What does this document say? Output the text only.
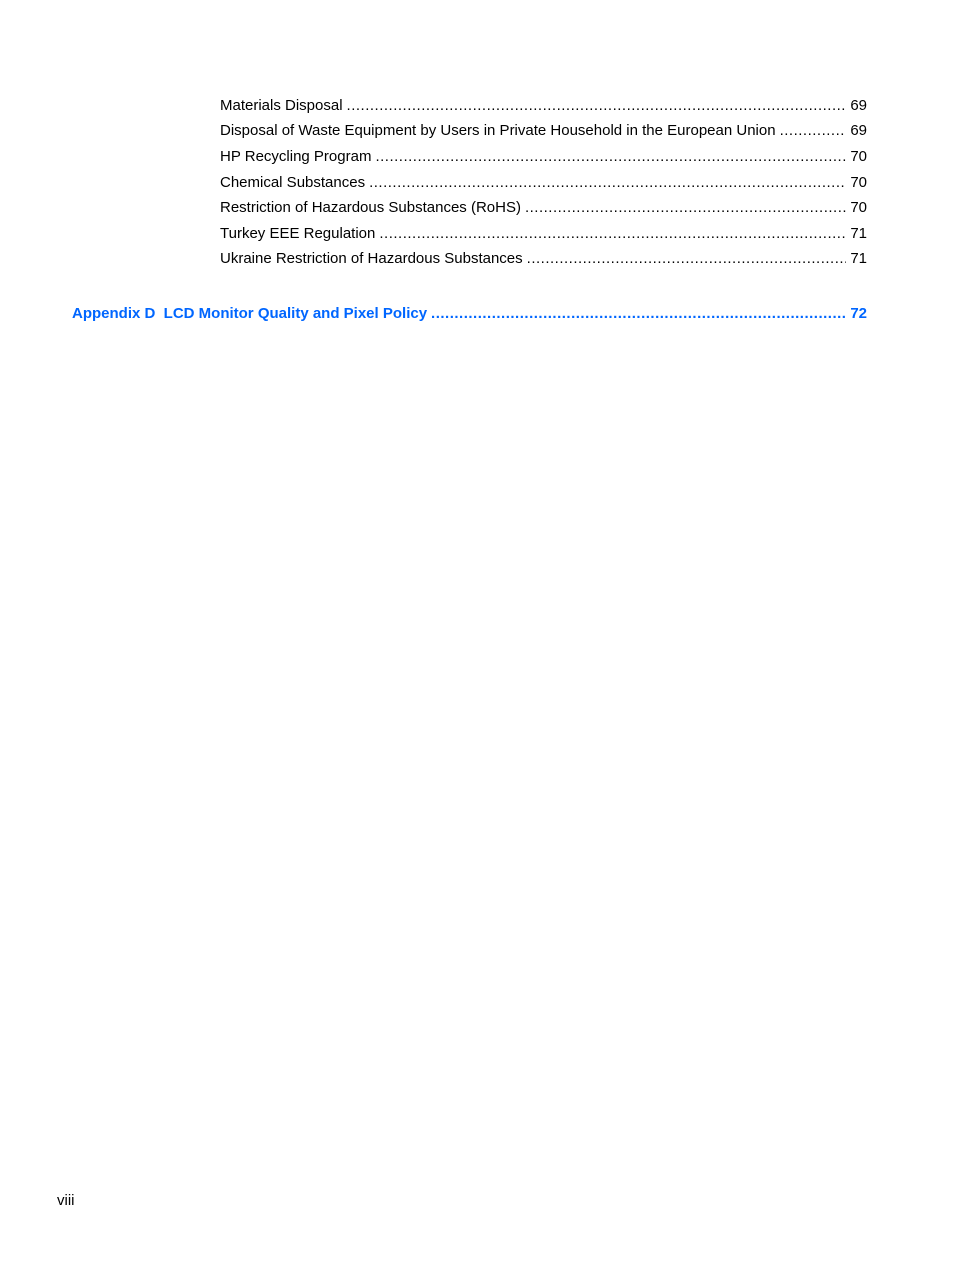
Materials Disposal .....	69
Disposal of Waste Equipment by Users in Private Household in the European Union .....	69
HP Recycling Program .....	70
Chemical Substances .....	70
Restriction of Hazardous Substances (RoHS) .....	70
Turkey EEE Regulation .....	71
Ukraine Restriction of Hazardous Substances .....	71
Appendix D  LCD Monitor Quality and Pixel Policy .....	72
viii
